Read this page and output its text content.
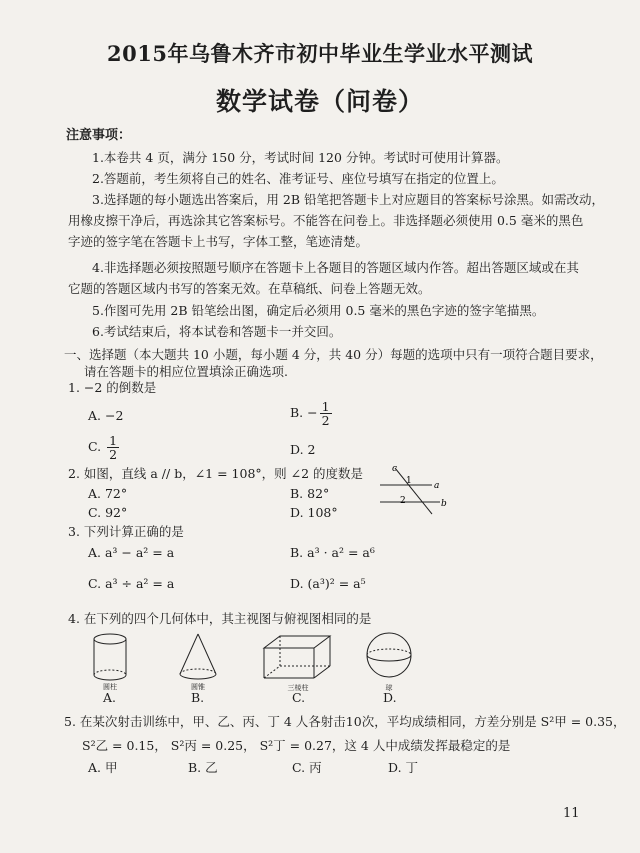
2015年乌鲁木齐市初中毕业生学业水平测试
数学试卷（问卷）
注意事项：
1.本卷共 4 页，满分 150 分，考试时间 120 分钟。考试时可使用计算器。
2.答题前，考生须将自己的姓名、准考证号、座位号填写在指定的位置上。
3.选择题的每小题选出答案后，用 2B 铅笔把答题卡上对应题目的答案标号涂黑。如需改动，
用橡皮擦干净后，再选涂其它答案标号。不能答在问卷上。非选择题必须使用 0.5 毫米的黑色
字迹的签字笔在答题卡上书写，字体工整，笔迹清楚。
4.非选择题必须按照题号顺序在答题卡上各题目的答题区域内作答。超出答题区域或在其
它题的答题区域内书写的答案无效。在草稿纸、问卷上答题无效。
5.作图可先用 2B 铅笔绘出图，确定后必须用 0.5 毫米的黑色字迹的签字笔描黑。
6.考试结束后，将本试卷和答题卡一并交回。
一、选择题（本大题共 10 小题，每小题 4 分，共 40 分）每题的选项中只有一项符合题目要求，
请在答题卡的相应位置填涂正确选项.
1. −2 的倒数是
A. −2	B. − $\frac{1}{2}$
C. $\frac{1}{2}$	D. 2
2. 如图，直线 a // b，∠1 = 108°，则 ∠2 的度数是
A. 72°	B. 82°
C. 92°	D. 108°
c
1
2
a
b
3. 下列计算正确的是
A. a³ − a² = a	B. a³ · a² = a⁶
C. a³ ÷ a² = a	D. (a³)² = a⁵
4. 在下列的四个几何体中，其主视图与俯视图相同的是
圆柱
A.
圆锥
B.
三棱柱
C.
球
D.
5. 在某次射击训练中，甲、乙、丙、丁 4 人各射击10次，平均成绩相同，方差分别是 S²甲 = 0.35，
S²乙 = 0.15， S²丙 = 0.25， S²丁 = 0.27，这 4 人中成绩发挥最稳定的是
A. 甲	B. 乙	C. 丙	D. 丁
11
